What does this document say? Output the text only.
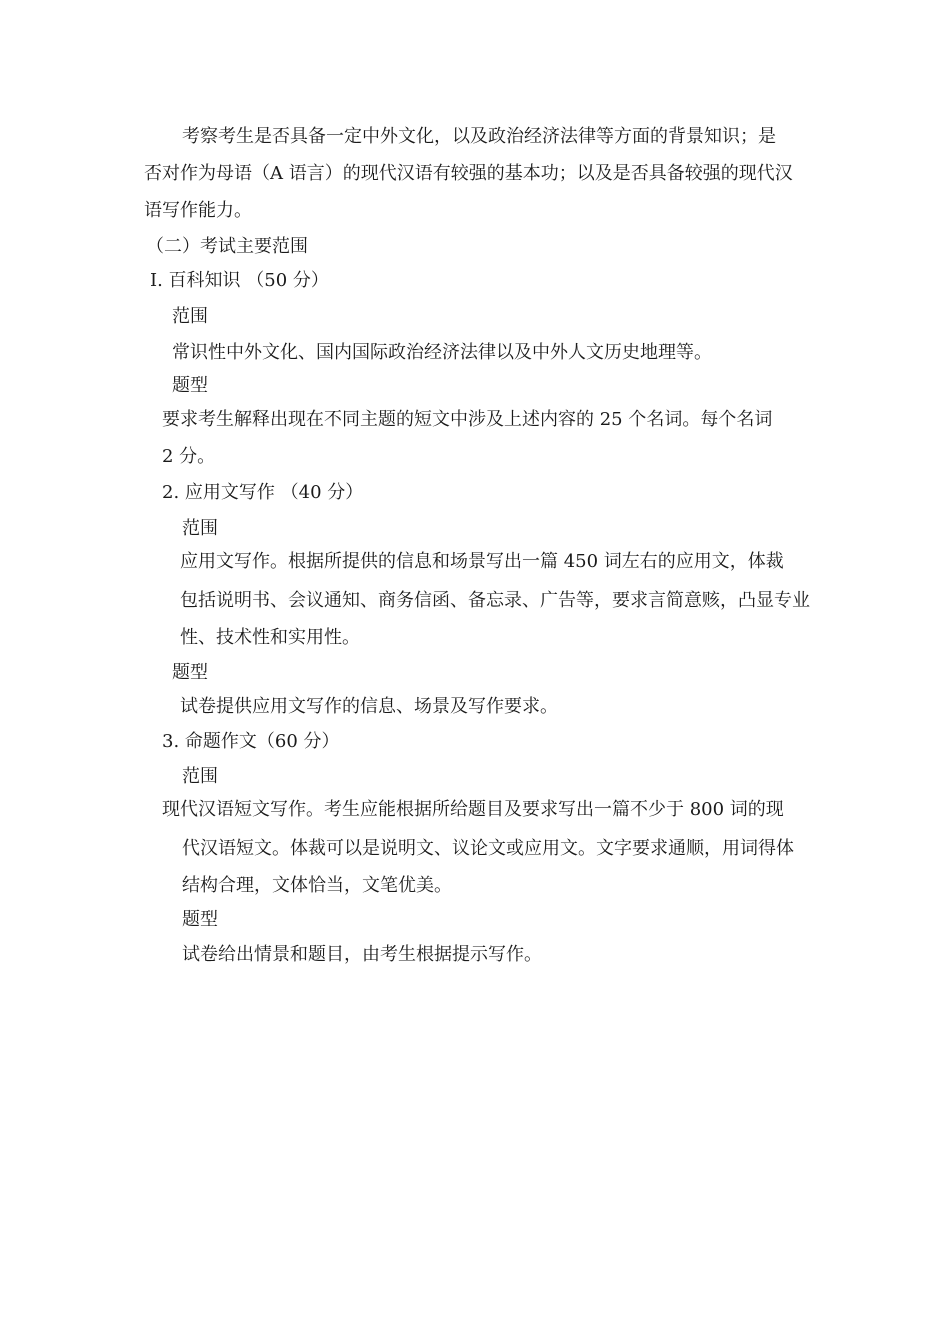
考察考生是否具备一定中外文化，以及政治经济法律等方面的背景知识；是
否对作为母语（A 语言）的现代汉语有较强的基本功；以及是否具备较强的现代汉
语写作能力。
（二）考试主要范围
I. 百科知识 （50 分）
范围
常识性中外文化、国内国际政治经济法律以及中外人文历史地理等。
题型
要求考生解释出现在不同主题的短文中涉及上述内容的 25 个名词。每个名词
2 分。
2. 应用文写作 （40 分）
范围
应用文写作。根据所提供的信息和场景写出一篇 450 词左右的应用文，体裁
包括说明书、会议通知、商务信函、备忘录、广告等，要求言简意赅，凸显专业
性、技术性和实用性。
题型
试卷提供应用文写作的信息、场景及写作要求。
3. 命题作文（60 分）
范围
现代汉语短文写作。考生应能根据所给题目及要求写出一篇不少于 800 词的现
代汉语短文。体裁可以是说明文、议论文或应用文。文字要求通顺，用词得体
结构合理，文体恰当，文笔优美。
题型
试卷给出情景和题目，由考生根据提示写作。
